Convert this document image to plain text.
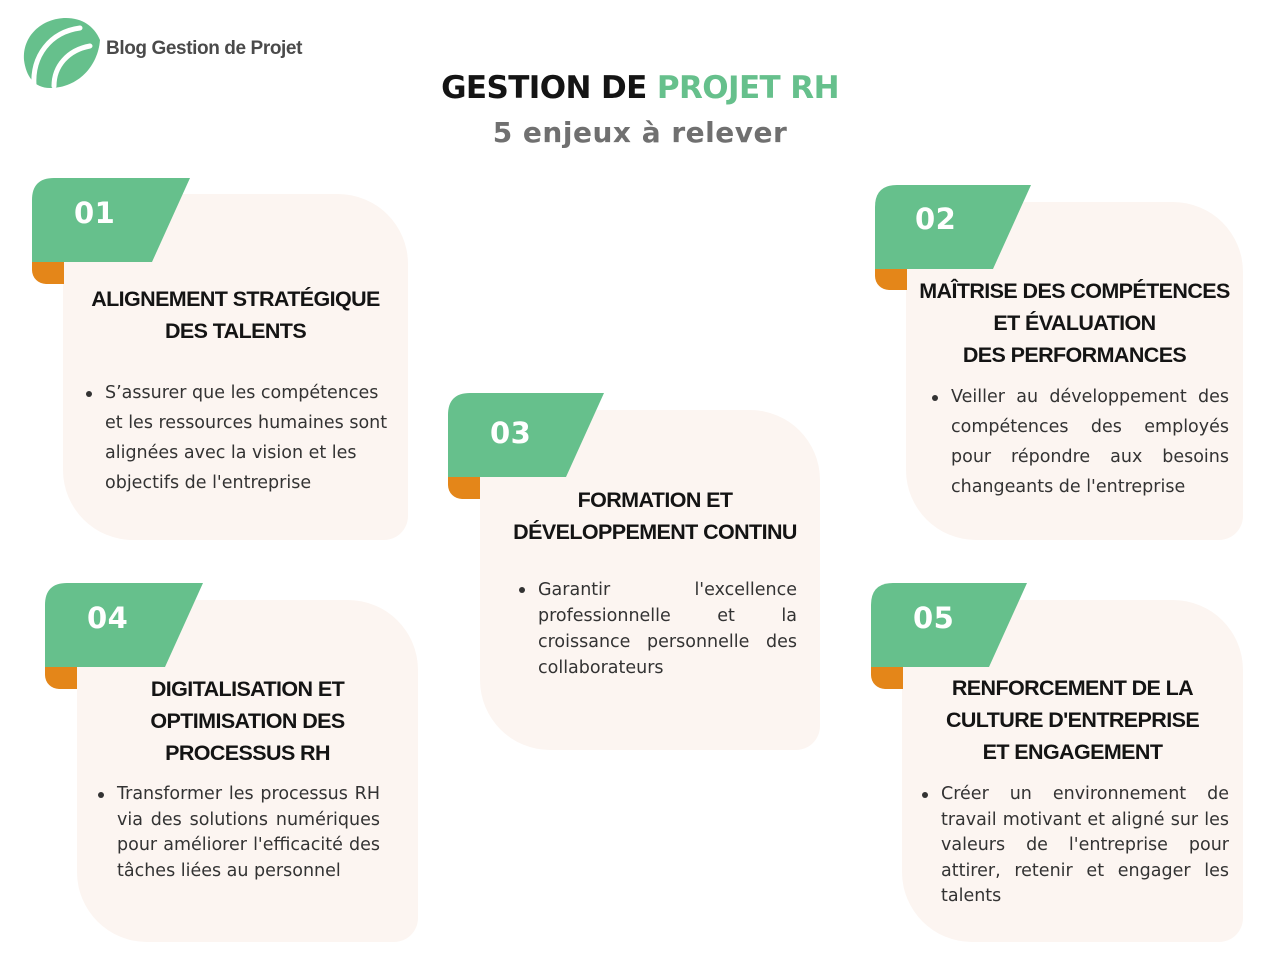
Blog Gestion de Projet
GESTION DE PROJET RH
5 enjeux à relever
01
ALIGNEMENT STRATÉGIQUE
DES TALENTS
S’assurer que les compétences et les ressources humaines sont alignées avec la vision et les objectifs de l'entreprise
02
MAÎTRISE DES COMPÉTENCES
ET ÉVALUATION
DES PERFORMANCES
Veiller au développement des compétences des employés pour répondre aux besoins changeants de l'entreprise
03
FORMATION ET
DÉVELOPPEMENT CONTINU
Garantir l'excellence professionnelle et la croissance personnelle des collaborateurs
04
DIGITALISATION ET
OPTIMISATION DES
PROCESSUS RH
Transformer les processus RH via des solutions numériques pour améliorer l'efficacité des tâches liées au personnel
05
RENFORCEMENT DE LA
CULTURE D'ENTREPRISE
ET ENGAGEMENT
Créer un environnement de travail motivant et aligné sur les valeurs de l'entreprise pour attirer, retenir et engager les talents
